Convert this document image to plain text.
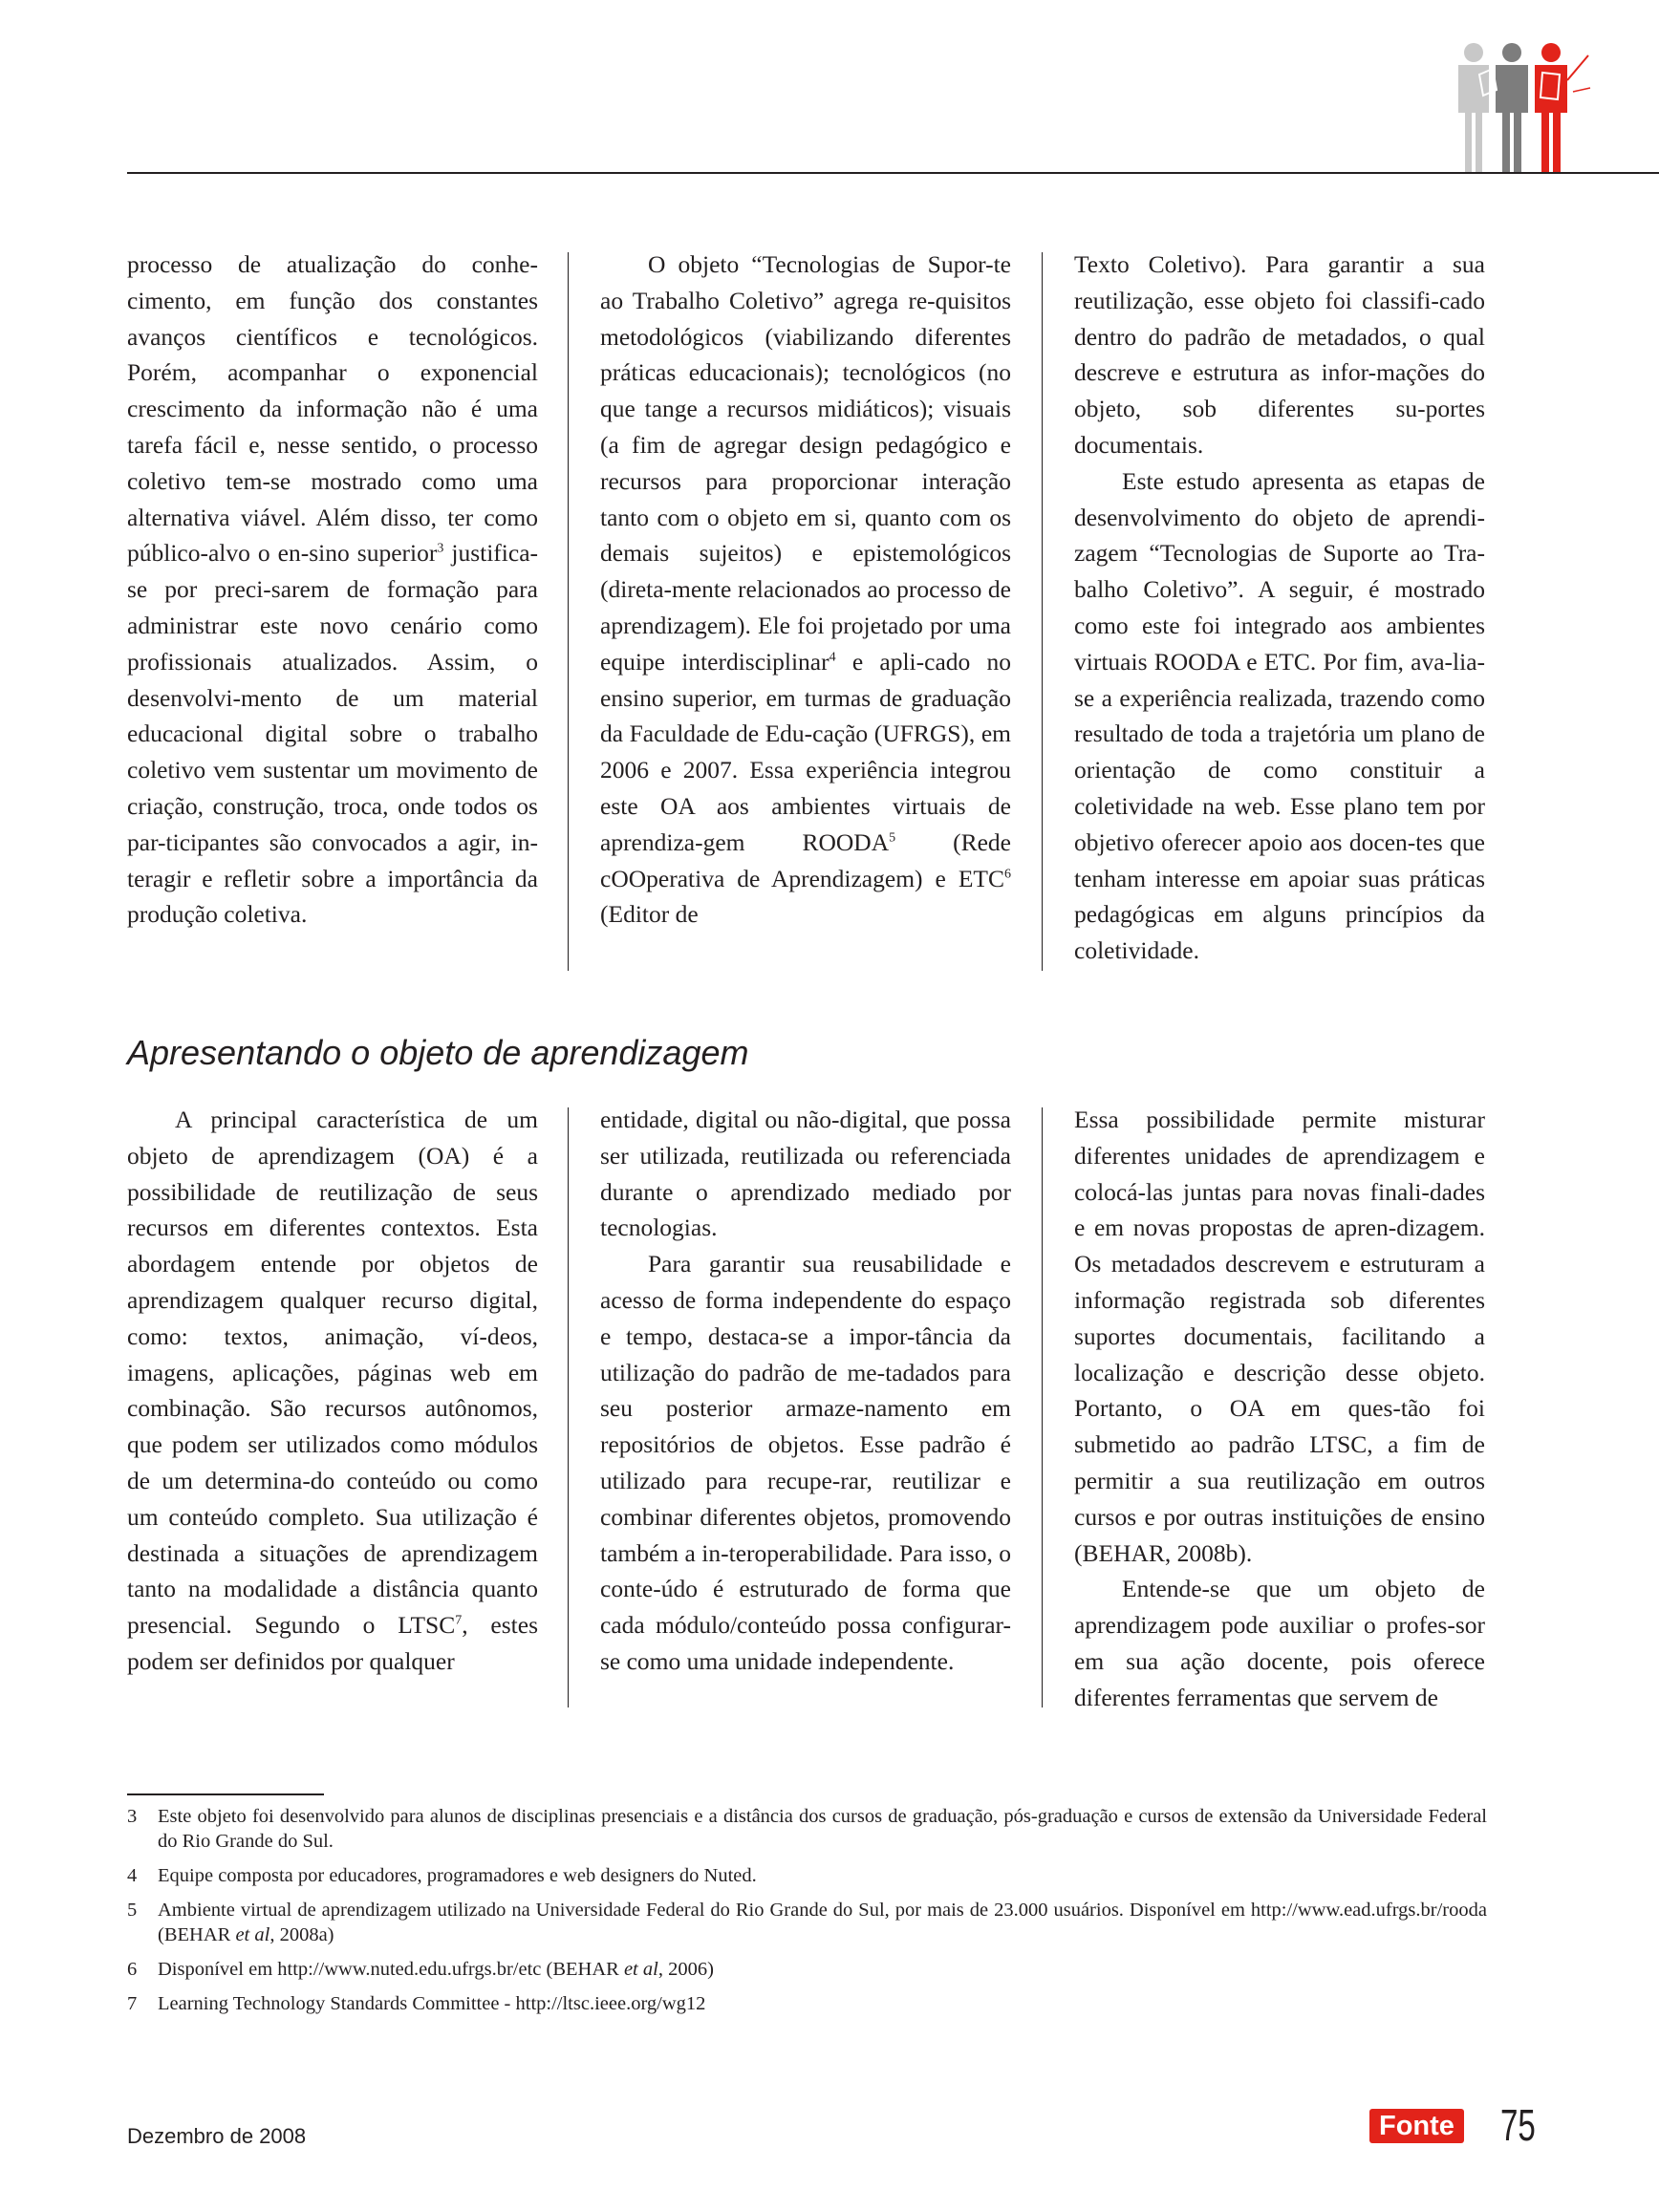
processo de atualização do conhe-cimento, em função dos constantes avanços científicos e tecnológicos. Porém, acompanhar o exponencial crescimento da informação não é uma tarefa fácil e, nesse sentido, o processo coletivo tem-se mostrado como uma alternativa viável. Além disso, ter como público-alvo o en-sino superior$^3$ justifica-se por preci-sarem de formação para administrar este novo cenário como profissionais atualizados. Assim, o desenvolvi-mento de um material educacional digital sobre o trabalho coletivo vem sustentar um movimento de criação, construção, troca, onde todos os par-ticipantes são convocados a agir, in-teragir e refletir sobre a importância da produção coletiva.

O objeto “Tecnologias de Supor-te ao Trabalho Coletivo” agrega re-quisitos metodológicos (viabilizando diferentes práticas educacionais); tecnológicos (no que tange a recursos midiáticos); visuais (a fim de agregar design pedagógico e recursos para proporcionar interação tanto com o objeto em si, quanto com os demais sujeitos) e epistemológicos (direta-mente relacionados ao processo de aprendizagem). Ele foi projetado por uma equipe interdisciplinar$^4$ e apli-cado no ensino superior, em turmas de graduação da Faculdade de Edu-cação (UFRGS), em 2006 e 2007. Essa experiência integrou este OA aos ambientes virtuais de aprendiza-gem ROODA$^5$ (Rede cOOperativa de Aprendizagem) e ETC$^6$ (Editor de

Texto Coletivo). Para garantir a sua reutilização, esse objeto foi classifi-cado dentro do padrão de metadados, o qual descreve e estrutura as infor-mações do objeto, sob diferentes su-portes documentais.

Este estudo apresenta as etapas de desenvolvimento do objeto de aprendi-zagem “Tecnologias de Suporte ao Tra-balho Coletivo”. A seguir, é mostrado como este foi integrado aos ambientes virtuais ROODA e ETC. Por fim, ava-lia-se a experiência realizada, trazendo como resultado de toda a trajetória um plano de orientação de como constituir a coletividade na web. Esse plano tem por objetivo oferecer apoio aos docen-tes que tenham interesse em apoiar suas práticas pedagógicas em alguns princípios da coletividade.

Apresentando o objeto de aprendizagem

A principal característica de um objeto de aprendizagem (OA) é a possibilidade de reutilização de seus recursos em diferentes contextos. Esta abordagem entende por objetos de aprendizagem qualquer recurso digital, como: textos, animação, ví-deos, imagens, aplicações, páginas web em combinação. São recursos autônomos, que podem ser utilizados como módulos de um determina-do conteúdo ou como um conteúdo completo. Sua utilização é destinada a situações de aprendizagem tanto na modalidade a distância quanto presencial. Segundo o LTSC$^7$, estes podem ser definidos por qualquer

entidade, digital ou não-digital, que possa ser utilizada, reutilizada ou referenciada durante o aprendizado mediado por tecnologias.

Para garantir sua reusabilidade e acesso de forma independente do espaço e tempo, destaca-se a impor-tância da utilização do padrão de me-tadados para seu posterior armaze-namento em repositórios de objetos. Esse padrão é utilizado para recupe-rar, reutilizar e combinar diferentes objetos, promovendo também a in-teroperabilidade. Para isso, o conte-údo é estruturado de forma que cada módulo/conteúdo possa configurar-se como uma unidade independente.

Essa possibilidade permite misturar diferentes unidades de aprendizagem e colocá-las juntas para novas finali-dades e em novas propostas de apren-dizagem. Os metadados descrevem e estruturam a informação registrada sob diferentes suportes documentais, facilitando a localização e descrição desse objeto. Portanto, o OA em ques-tão foi submetido ao padrão LTSC, a fim de permitir a sua reutilização em outros cursos e por outras instituições de ensino (BEHAR, 2008b).

Entende-se que um objeto de aprendizagem pode auxiliar o profes-sor em sua ação docente, pois oferece diferentes ferramentas que servem de

3	Este objeto foi desenvolvido para alunos de disciplinas presenciais e a distância dos cursos de graduação, pós-graduação e cursos de extensão da Universidade Federal do Rio Grande do Sul.
4	Equipe composta por educadores, programadores e web designers do Nuted.
5	Ambiente virtual de aprendizagem utilizado na Universidade Federal do Rio Grande do Sul, por mais de 23.000 usuários. Disponível em http://www.ead.ufrgs.br/rooda (BEHAR et al, 2008a)
6	Disponível em http://www.nuted.edu.ufrgs.br/etc (BEHAR et al, 2006)
7	Learning Technology Standards Committee - http://ltsc.ieee.org/wg12
Dezembro de 2008	Fonte 75
